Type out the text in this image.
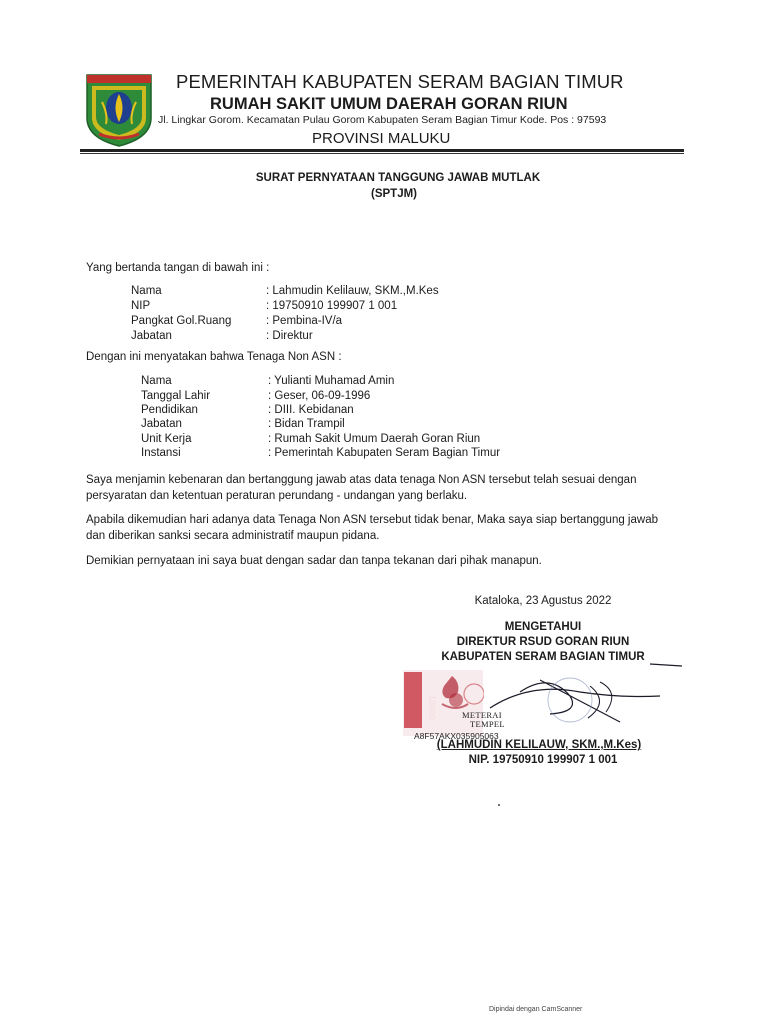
PEMERINTAH KABUPATEN SERAM BAGIAN TIMUR
RUMAH SAKIT UMUM DAERAH GORAN RIUN
Jl. Lingkar Gorom. Kecamatan Pulau Gorom Kabupaten Seram Bagian Timur Kode. Pos : 97593
PROVINSI MALUKU
SURAT PERNYATAAN TANGGUNG JAWAB MUTLAK
(SPTJM)
Yang bertanda tangan di bawah ini :
Nama	: Lahmudin Kelilauw, SKM.,M.Kes
NIP	: 19750910 199907 1 001
Pangkat Gol.Ruang	: Pembina-IV/a
Jabatan	: Direktur
Dengan ini menyatakan bahwa Tenaga Non ASN :
Nama	: Yulianti Muhamad Amin
Tanggal Lahir	: Geser, 06-09-1996
Pendidikan	: DIII. Kebidanan
Jabatan	: Bidan Trampil
Unit Kerja	: Rumah Sakit Umum Daerah Goran Riun
Instansi	: Pemerintah Kabupaten Seram Bagian Timur
Saya menjamin kebenaran dan bertanggung jawab atas data tenaga Non ASN tersebut telah sesuai dengan
persyaratan dan ketentuan peraturan perundang - undangan yang berlaku.
Apabila dikemudian hari adanya data Tenaga Non ASN tersebut tidak benar, Maka saya siap bertanggung jawab
dan diberikan sanksi secara administratif maupun pidana.
Demikian pernyataan ini saya buat dengan sadar dan tanpa tekanan dari pihak manapun.
Kataloka, 23 Agustus 2022
MENGETAHUI
DIREKTUR RSUD GORAN RIUN
KABUPATEN SERAM BAGIAN TIMUR
10000	METERAI
TEMPEL
A8F57AKX035905063
(LAHMUDIN KELILAUW, SKM.,M.Kes)
NIP. 19750910 199907 1 001
Dipindai dengan CamScanner
